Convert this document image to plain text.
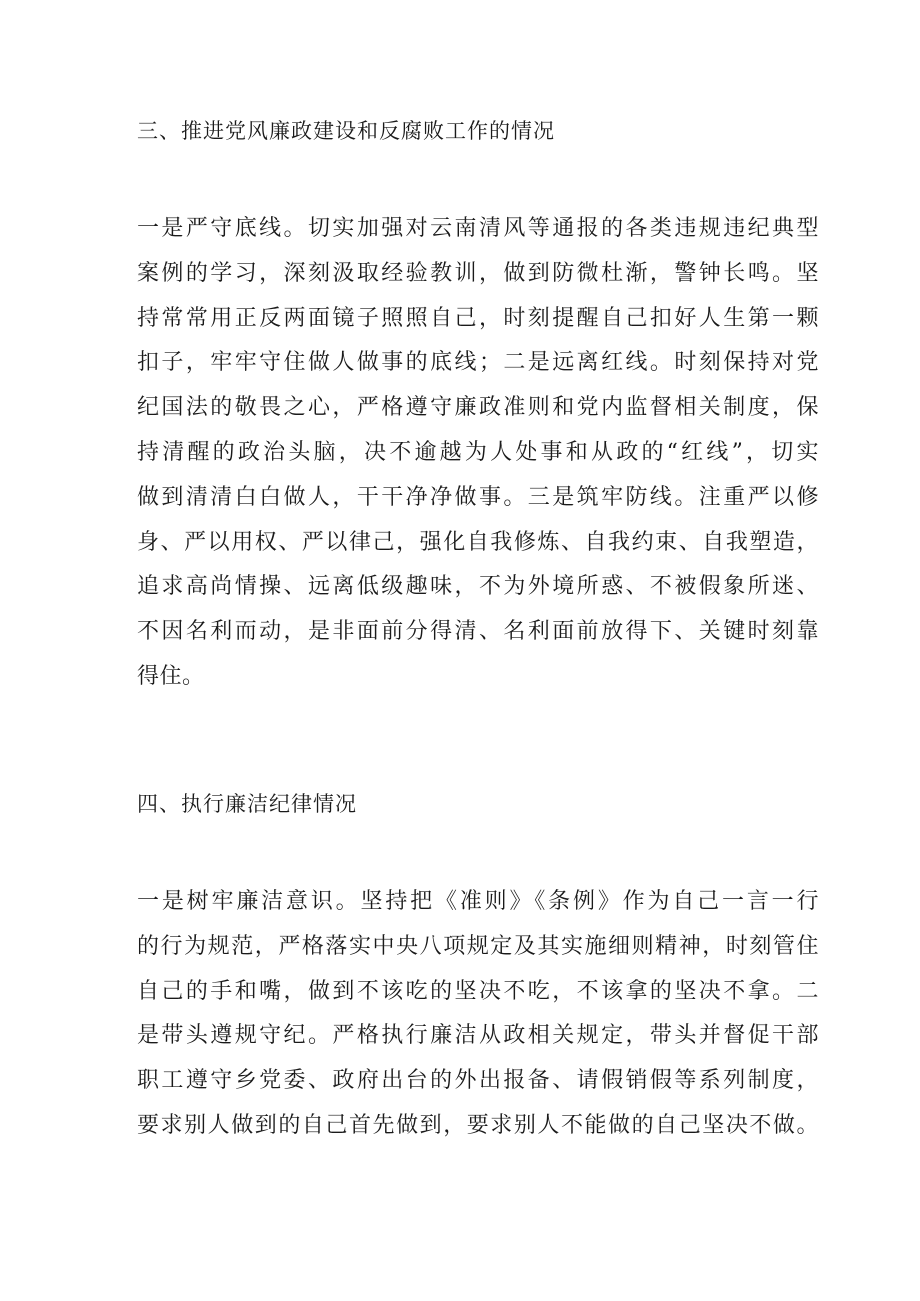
三、推进党风廉政建设和反腐败工作的情况
一是严守底线。切实加强对云南清风等通报的各类违规违纪典型
案例的学习，深刻汲取经验教训，做到防微杜渐，警钟长鸣。坚
持常常用正反两面镜子照照自己，时刻提醒自己扣好人生第一颗
扣子，牢牢守住做人做事的底线；二是远离红线。时刻保持对党
纪国法的敬畏之心，严格遵守廉政准则和党内监督相关制度，保
持清醒的政治头脑，决不逾越为人处事和从政的“红线”，切实
做到清清白白做人，干干净净做事。三是筑牢防线。注重严以修
身、严以用权、严以律己，强化自我修炼、自我约束、自我塑造，
追求高尚情操、远离低级趣味，不为外境所惑、不被假象所迷、
不因名利而动，是非面前分得清、名利面前放得下、关键时刻靠
得住。
四、执行廉洁纪律情况
一是树牢廉洁意识。坚持把《准则》《条例》作为自己一言一行
的行为规范，严格落实中央八项规定及其实施细则精神，时刻管住
自己的手和嘴，做到不该吃的坚决不吃，不该拿的坚决不拿。二
是带头遵规守纪。严格执行廉洁从政相关规定，带头并督促干部
职工遵守乡党委、政府出台的外出报备、请假销假等系列制度，
要求别人做到的自己首先做到，要求别人不能做的自己坚决不做。
